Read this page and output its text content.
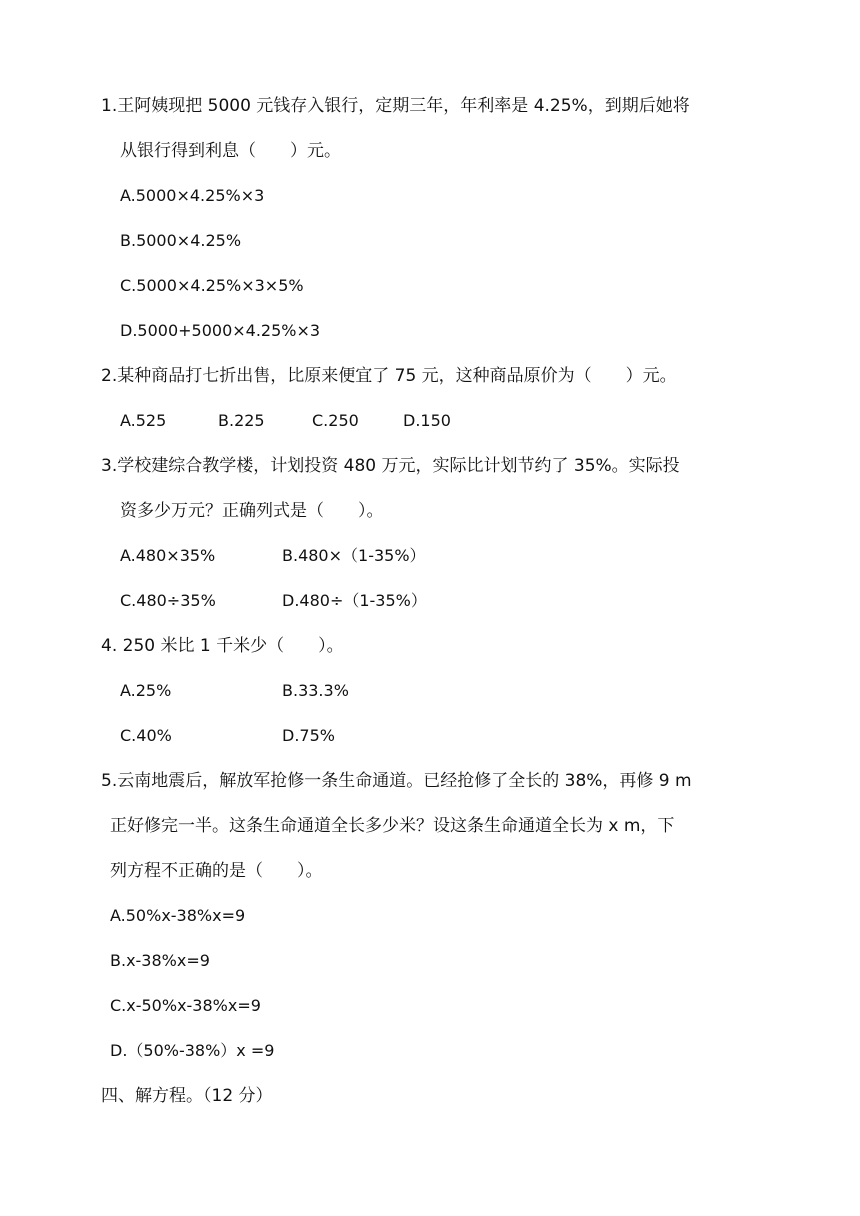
1.王阿姨现把 5000 元钱存入银行，定期三年，年利率是 4.25%，到期后她将
从银行得到利息（　　）元。
A.5000×4.25%×3
B.5000×4.25%
C.5000×4.25%×3×5%
D.5000+5000×4.25%×3
2.某种商品打七折出售，比原来便宜了 75 元，这种商品原价为（　　）元。
A.525	B.225	C.250	D.150
3.学校建综合教学楼，计划投资 480 万元，实际比计划节约了 35%。实际投
资多少万元？正确列式是（　　）。
A.480×35%	B.480×（1-35%）
C.480÷35%	D.480÷（1-35%）
4. 250 米比 1 千米少（　　）。
A.25%	B.33.3%
C.40%	D.75%
5.云南地震后，解放军抢修一条生命通道。已经抢修了全长的 38%，再修 9 m
正好修完一半。这条生命通道全长多少米？设这条生命通道全长为 x m，下
列方程不正确的是（　　）。
A.50%x-38%x=9
B.x-38%x=9
C.x-50%x-38%x=9
D.（50%-38%）x =9
四、解方程。（12 分）
